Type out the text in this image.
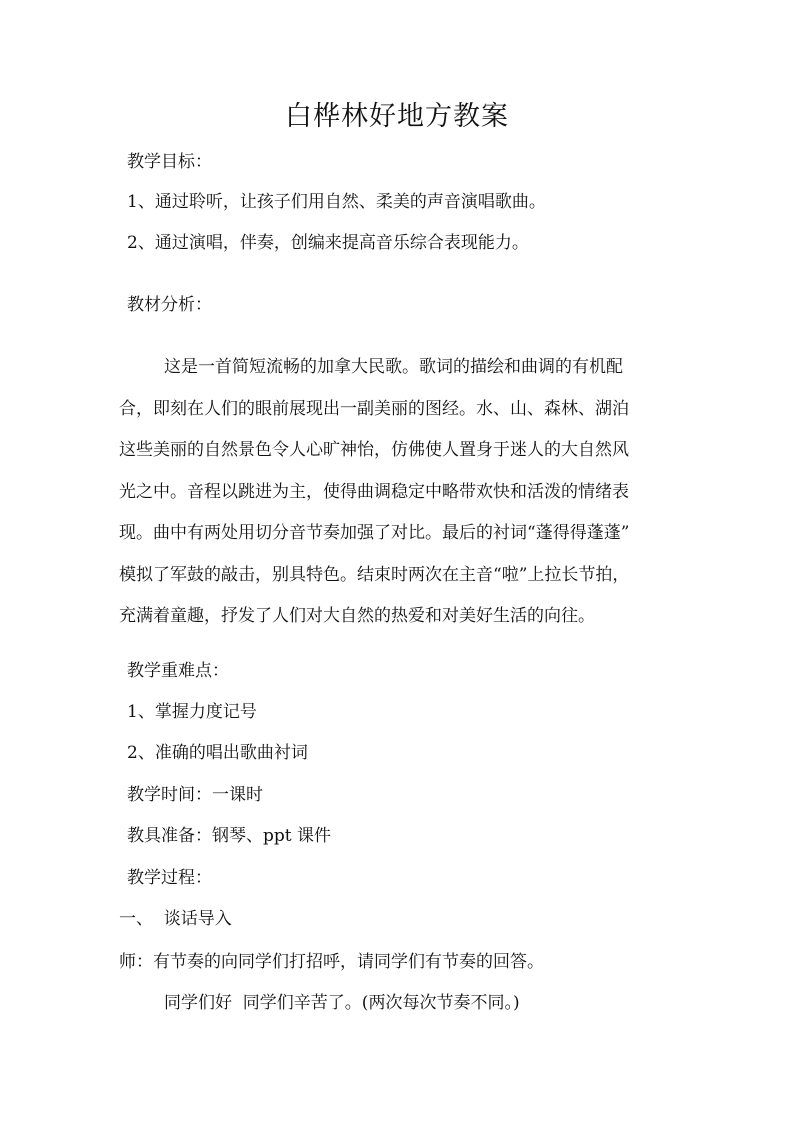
白桦林好地方教案
教学目标：
1、通过聆听，让孩子们用自然、柔美的声音演唱歌曲。
2、通过演唱，伴奏，创编来提高音乐综合表现能力。
教材分析：
这是一首简短流畅的加拿大民歌。歌词的描绘和曲调的有机配
合，即刻在人们的眼前展现出一副美丽的图经。水、山、森林、湖泊
这些美丽的自然景色令人心旷神怡，仿佛使人置身于迷人的大自然风
光之中。音程以跳进为主，使得曲调稳定中略带欢快和活泼的情绪表
现。曲中有两处用切分音节奏加强了对比。最后的衬词“蓬得得蓬蓬”
模拟了军鼓的敲击，别具特色。结束时两次在主音“啦”上拉长节拍，
充满着童趣，抒发了人们对大自然的热爱和对美好生活的向往。
教学重难点：
1、掌握力度记号
2、准确的唱出歌曲衬词
教学时间：一课时
教具准备：钢琴、ppt 课件
教学过程：
一、  谈话导入
师：有节奏的向同学们打招呼，请同学们有节奏的回答。
同学们好  同学们辛苦了。(两次每次节奏不同。)
